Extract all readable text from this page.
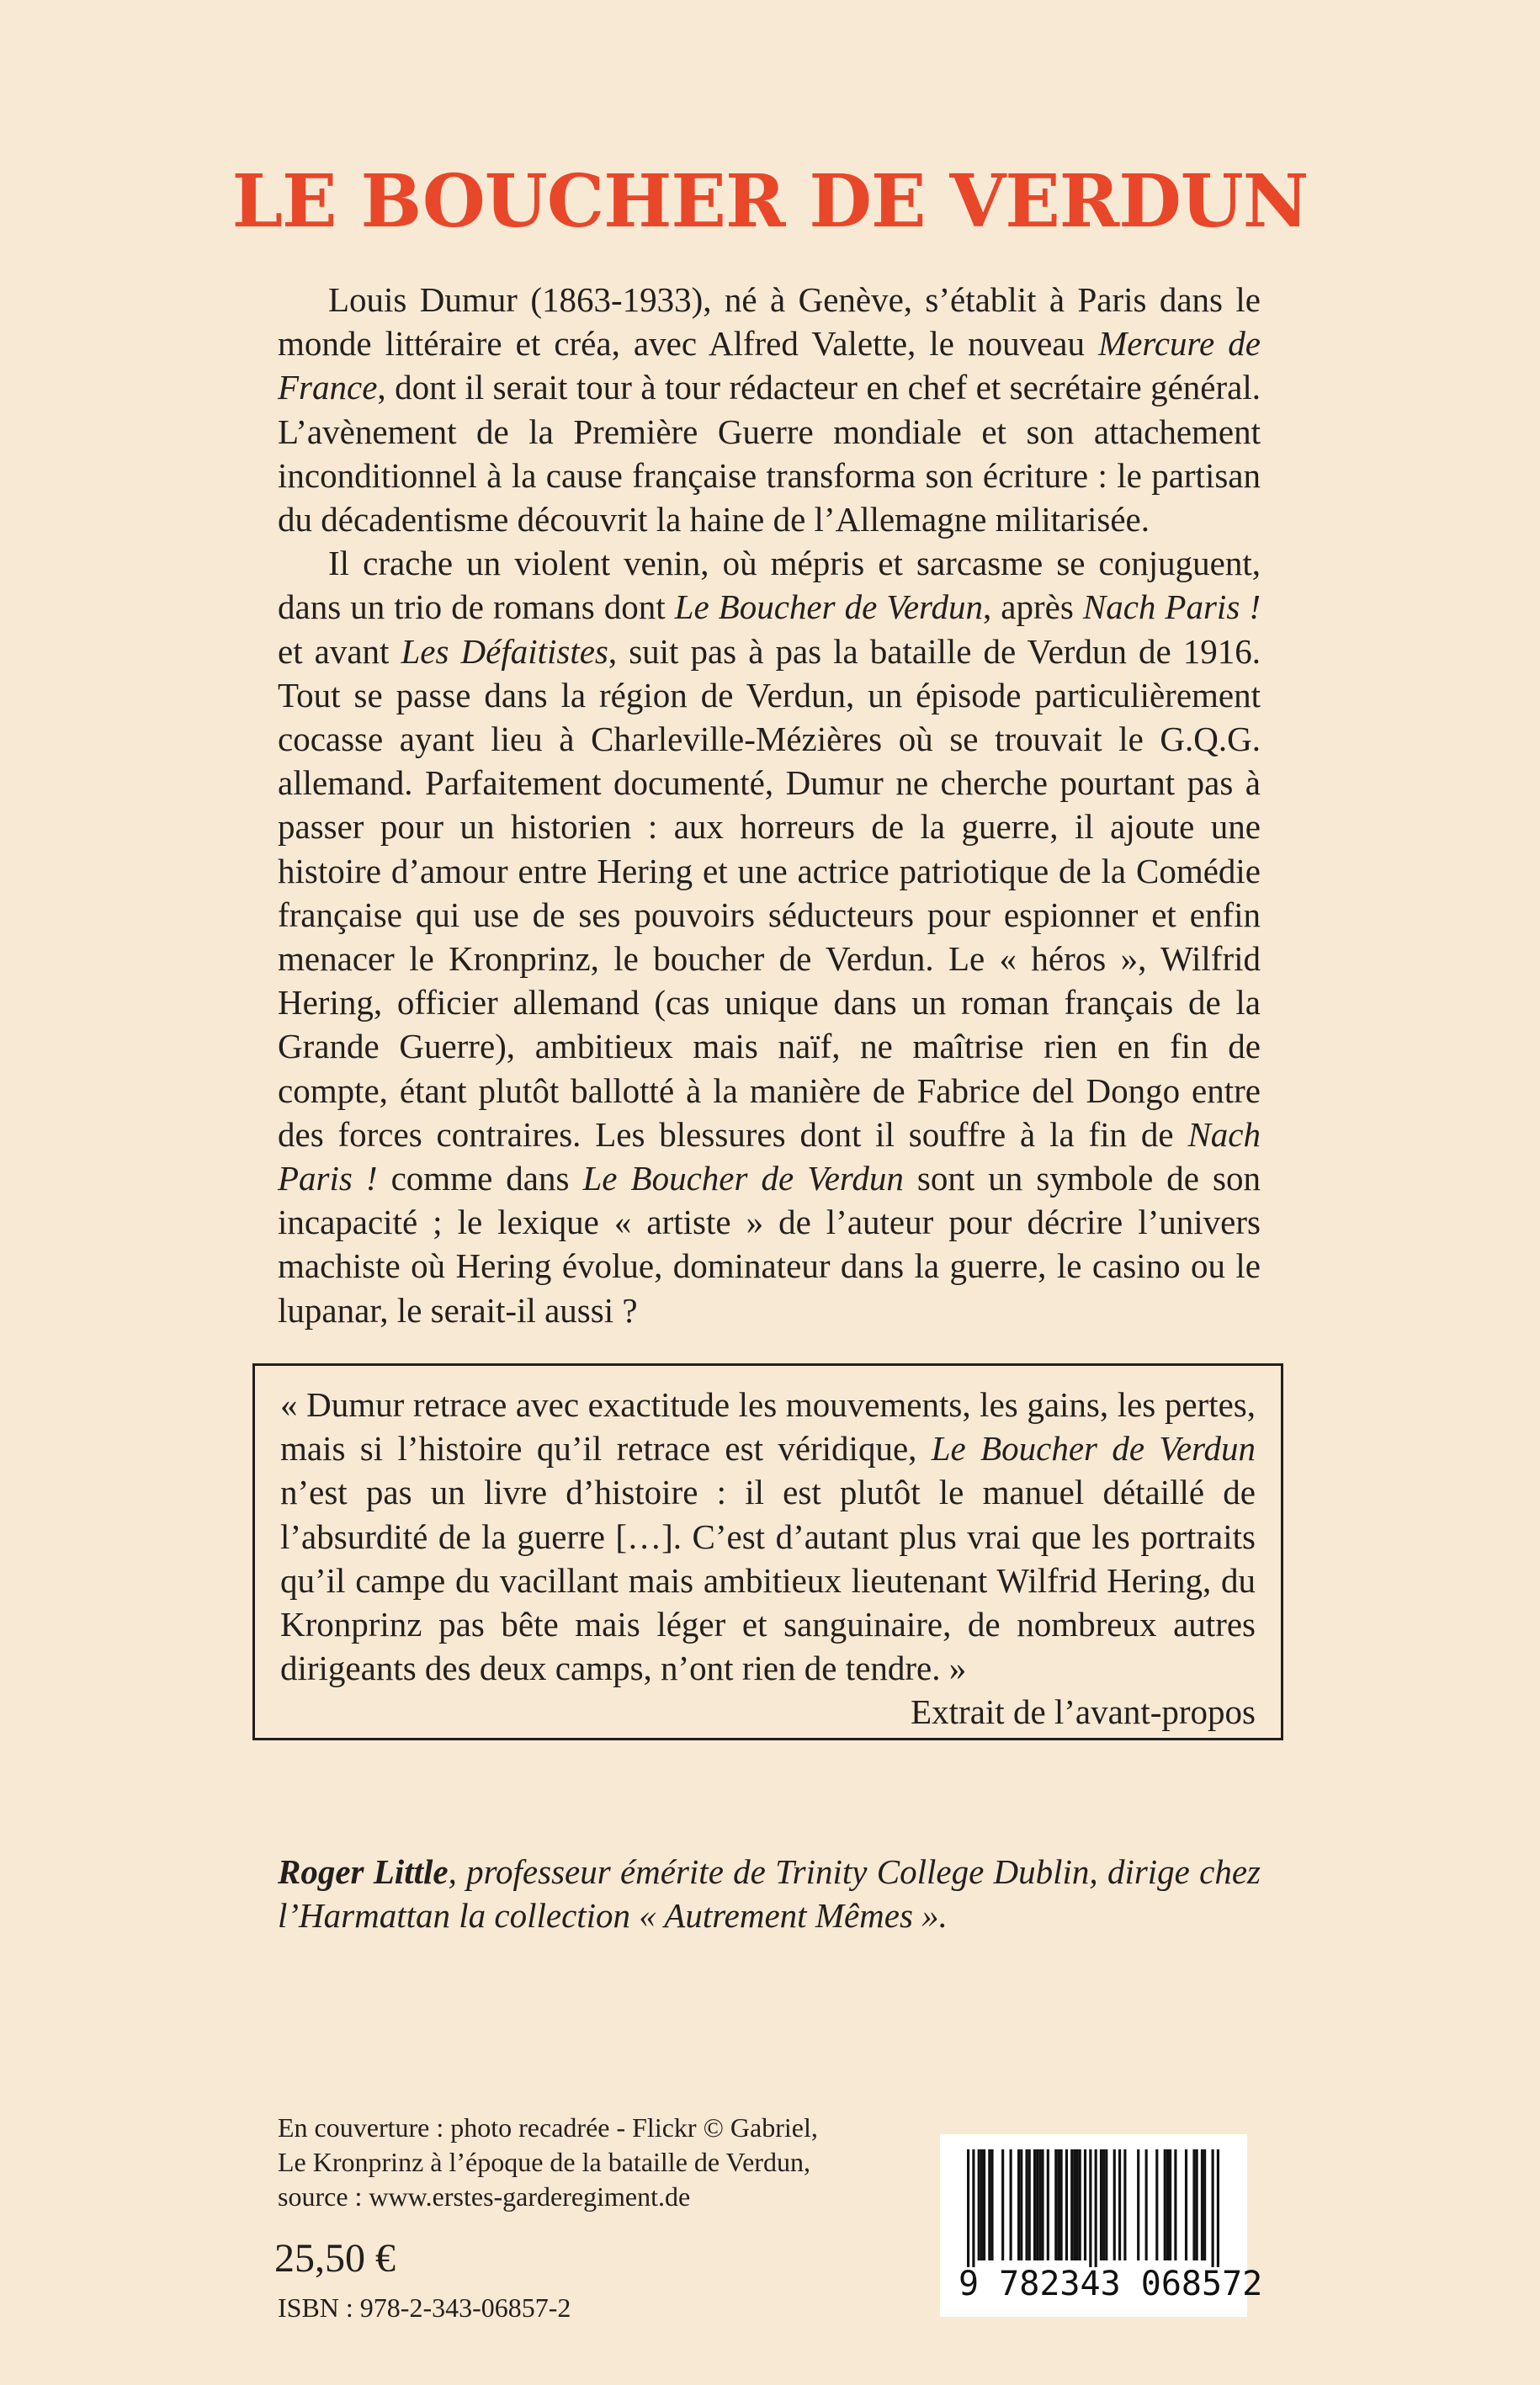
LE BOUCHER DE VERDUN

Louis Dumur (1863-1933), né à Genève, s’établit à Paris dans le monde littéraire et créa, avec Alfred Valette, le nouveau Mercure de France, dont il serait tour à tour rédacteur en chef et secrétaire général. L’avènement de la Première Guerre mondiale et son attachement inconditionnel à la cause française transforma son écriture : le partisan du décadentisme découvrit la haine de l’Allemagne militarisée.

Il crache un violent venin, où mépris et sarcasme se conjuguent, dans un trio de romans dont Le Boucher de Verdun, après Nach Paris ! et avant Les Défaitistes, suit pas à pas la bataille de Verdun de 1916. Tout se passe dans la région de Verdun, un épisode particulièrement cocasse ayant lieu à Charleville-Mézières où se trouvait le G.Q.G. allemand. Parfaitement documenté, Dumur ne cherche pourtant pas à passer pour un historien : aux horreurs de la guerre, il ajoute une histoire d’amour entre Hering et une actrice patriotique de la Comédie française qui use de ses pouvoirs séducteurs pour espionner et enfin menacer le Kronprinz, le boucher de Verdun. Le « héros », Wilfrid Hering, officier allemand (cas unique dans un roman français de la Grande Guerre), ambitieux mais naïf, ne maîtrise rien en fin de compte, étant plutôt ballotté à la manière de Fabrice del Dongo entre des forces contraires. Les blessures dont il souffre à la fin de Nach Paris ! comme dans Le Boucher de Verdun sont un symbole de son incapacité ; le lexique « artiste » de l’auteur pour décrire l’univers machiste où Hering évolue, dominateur dans la guerre, le casino ou le lupanar, le serait-il aussi ?

« Dumur retrace avec exactitude les mouvements, les gains, les pertes, mais si l’histoire qu’il retrace est véridique, Le Boucher de Verdun n’est pas un livre d’histoire : il est plutôt le manuel détaillé de l’absurdité de la guerre […]. C’est d’autant plus vrai que les portraits qu’il campe du vacillant mais ambitieux lieutenant Wilfrid Hering, du Kronprinz pas bête mais léger et sanguinaire, de nombreux autres dirigeants des deux camps, n’ont rien de tendre. »

Extrait de l’avant-propos

Roger Little, professeur émérite de Trinity College Dublin, dirige chez l’Harmattan la collection « Autrement Mêmes ».

En couverture : photo recadrée - Flickr © Gabriel,
Le Kronprinz à l’époque de la bataille de Verdun,
source : www.erstes-garderegiment.de
25,50 €
ISBN : 978-2-343-06857-2
9 782343 068572
